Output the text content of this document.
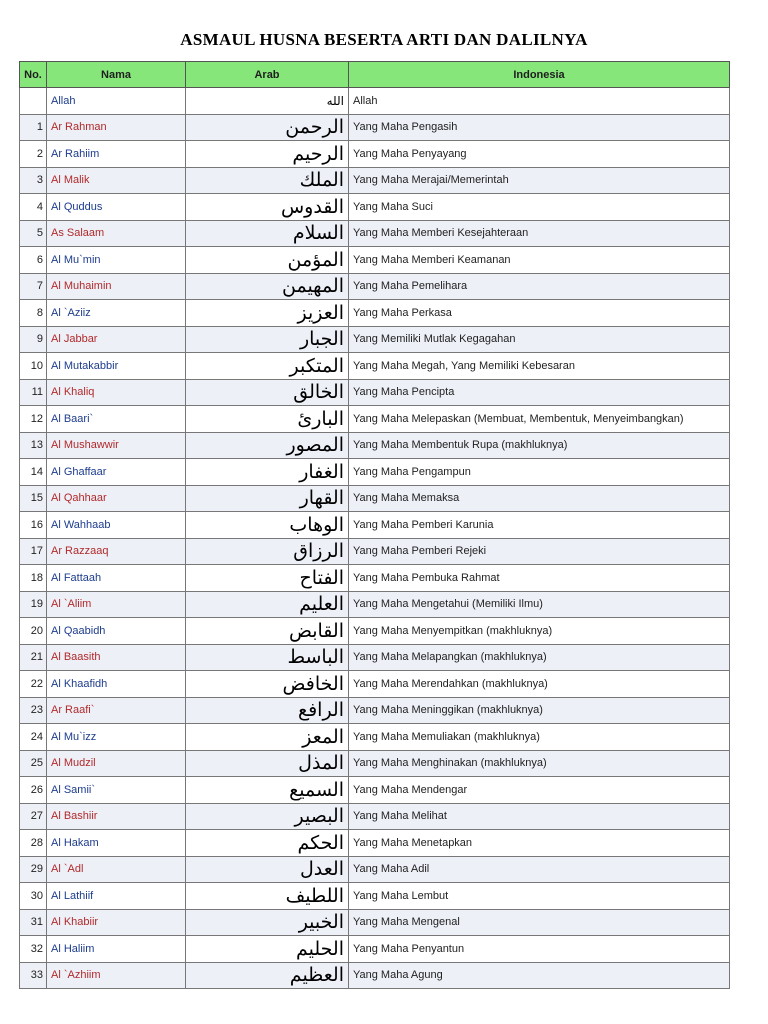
ASMAUL HUSNA BESERTA ARTI DAN DALILNYA
No.	Nama	Arab	Indonesia
	Allah	الله	Allah
1	Ar Rahman	الرحمن	Yang Maha Pengasih
2	Ar Rahiim	الرحيم	Yang Maha Penyayang
3	Al Malik	الملك	Yang Maha Merajai/Memerintah
4	Al Quddus	القدوس	Yang Maha Suci
5	As Salaam	السلام	Yang Maha Memberi Kesejahteraan
6	Al Mu`min	المؤمن	Yang Maha Memberi Keamanan
7	Al Muhaimin	المهيمن	Yang Maha Pemelihara
8	Al `Aziiz	العزيز	Yang Maha Perkasa
9	Al Jabbar	الجبار	Yang Memiliki Mutlak Kegagahan
10	Al Mutakabbir	المتكبر	Yang Maha Megah, Yang Memiliki Kebesaran
11	Al Khaliq	الخالق	Yang Maha Pencipta
12	Al Baari`	البارئ	Yang Maha Melepaskan (Membuat, Membentuk, Menyeimbangkan)
13	Al Mushawwir	المصور	Yang Maha Membentuk Rupa (makhluknya)
14	Al Ghaffaar	الغفار	Yang Maha Pengampun
15	Al Qahhaar	القهار	Yang Maha Memaksa
16	Al Wahhaab	الوهاب	Yang Maha Pemberi Karunia
17	Ar Razzaaq	الرزاق	Yang Maha Pemberi Rejeki
18	Al Fattaah	الفتاح	Yang Maha Pembuka Rahmat
19	Al `Aliim	العليم	Yang Maha Mengetahui (Memiliki Ilmu)
20	Al Qaabidh	القابض	Yang Maha Menyempitkan (makhluknya)
21	Al Baasith	الباسط	Yang Maha Melapangkan (makhluknya)
22	Al Khaafidh	الخافض	Yang Maha Merendahkan (makhluknya)
23	Ar Raafi`	الرافع	Yang Maha Meninggikan (makhluknya)
24	Al Mu`izz	المعز	Yang Maha Memuliakan (makhluknya)
25	Al Mudzil	المذل	Yang Maha Menghinakan (makhluknya)
26	Al Samii`	السميع	Yang Maha Mendengar
27	Al Bashiir	البصير	Yang Maha Melihat
28	Al Hakam	الحكم	Yang Maha Menetapkan
29	Al `Adl	العدل	Yang Maha Adil
30	Al Lathiif	اللطيف	Yang Maha Lembut
31	Al Khabiir	الخبير	Yang Maha Mengenal
32	Al Haliim	الحليم	Yang Maha Penyantun
33	Al `Azhiim	العظيم	Yang Maha Agung
